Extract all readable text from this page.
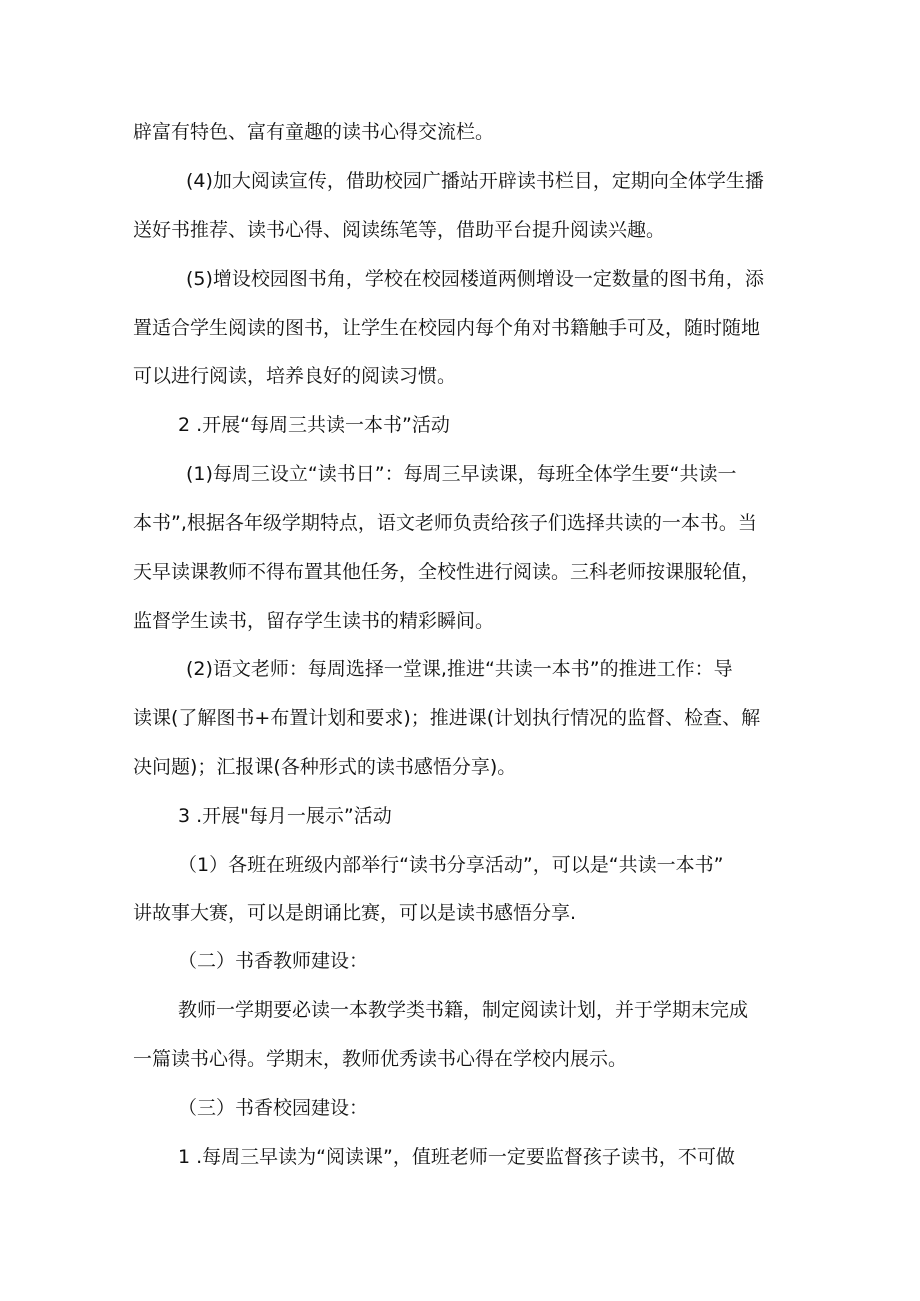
辟富有特色、富有童趣的读书心得交流栏。
(4)加大阅读宣传，借助校园广播站开辟读书栏目，定期向全体学生播
送好书推荐、读书心得、阅读练笔等，借助平台提升阅读兴趣。
(5)增设校园图书角，学校在校园楼道两侧增设一定数量的图书角，添
置适合学生阅读的图书，让学生在校园内每个角对书籍触手可及，随时随地
可以进行阅读，培养良好的阅读习惯。
2 .开展“每周三共读一本书”活动
(1)每周三设立“读书日”：每周三早读课，每班全体学生要“共读一
本书”,根据各年级学期特点，语文老师负责给孩子们选择共读的一本书。当
天早读课教师不得布置其他任务，全校性进行阅读。三科老师按课服轮值，
监督学生读书，留存学生读书的精彩瞬间。
(2)语文老师：每周选择一堂课,推进“共读一本书”的推进工作：导
读课(了解图书+布置计划和要求)；推进课(计划执行情况的监督、检查、解
决问题)；汇报课(各种形式的读书感悟分享)。
3 .开展"每月一展示”活动
（1）各班在班级内部举行“读书分享活动”，可以是“共读一本书”
讲故事大赛，可以是朗诵比赛，可以是读书感悟分享.
（二）书香教师建设：
教师一学期要必读一本教学类书籍，制定阅读计划，并于学期末完成
一篇读书心得。学期末，教师优秀读书心得在学校内展示。
（三）书香校园建设：
1 .每周三早读为“阅读课”，值班老师一定要监督孩子读书，不可做
